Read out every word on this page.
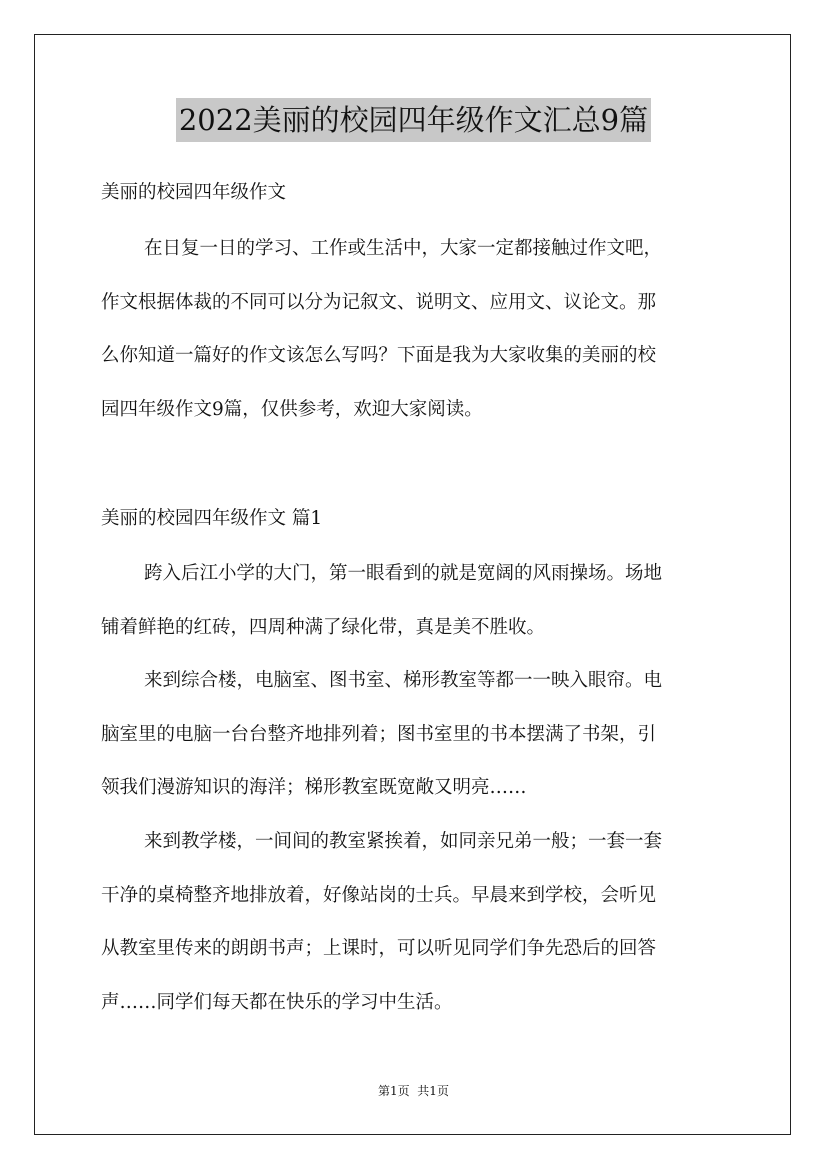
2022美丽的校园四年级作文汇总9篇
美丽的校园四年级作文
在日复一日的学习、工作或生活中，大家一定都接触过作文吧，
作文根据体裁的不同可以分为记叙文、说明文、应用文、议论文。那
么你知道一篇好的作文该怎么写吗？下面是我为大家收集的美丽的校
园四年级作文9篇，仅供参考，欢迎大家阅读。
美丽的校园四年级作文 篇1
跨入后江小学的大门，第一眼看到的就是宽阔的风雨操场。场地
铺着鲜艳的红砖，四周种满了绿化带，真是美不胜收。
来到综合楼，电脑室、图书室、梯形教室等都一一映入眼帘。电
脑室里的电脑一台台整齐地排列着；图书室里的书本摆满了书架，引
领我们漫游知识的海洋；梯形教室既宽敞又明亮……
来到教学楼，一间间的教室紧挨着，如同亲兄弟一般；一套一套
干净的桌椅整齐地排放着，好像站岗的士兵。早晨来到学校，会听见
从教室里传来的朗朗书声；上课时，可以听见同学们争先恐后的回答
声……同学们每天都在快乐的学习中生活。
第1页  共1页
